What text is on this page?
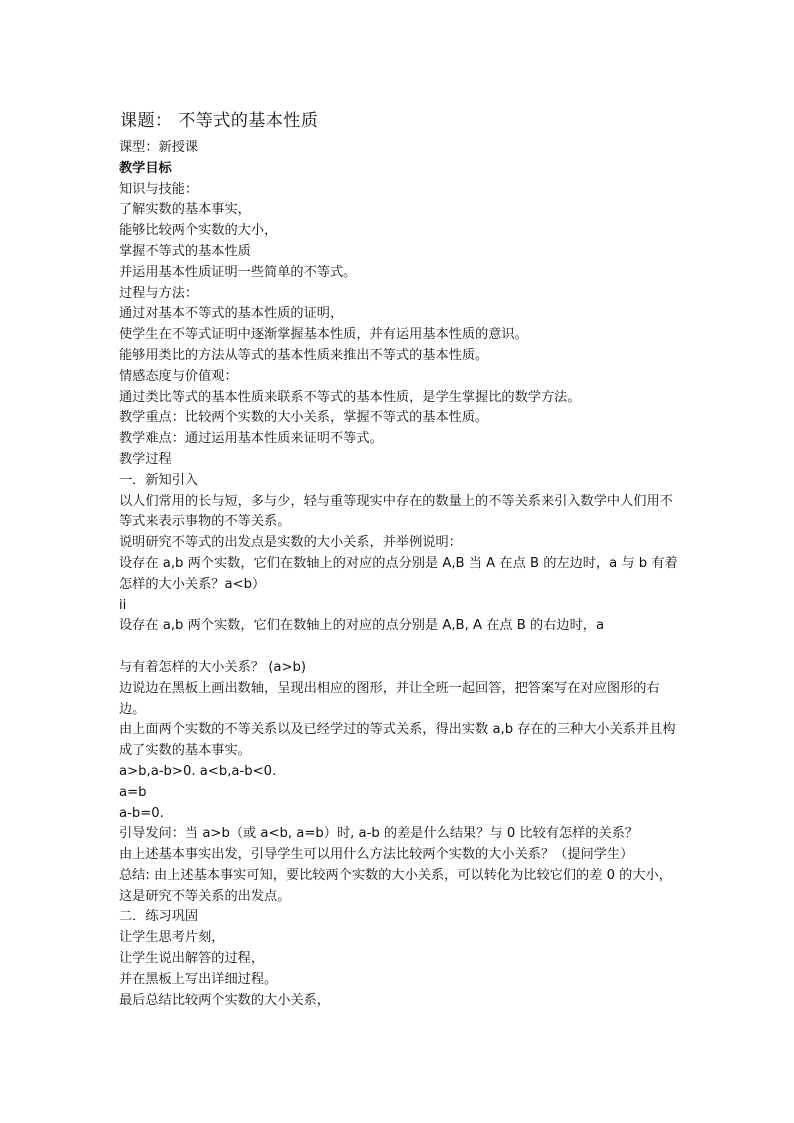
课题： 不等式的基本性质
课型：新授课
教学目标
知识与技能：
了解实数的基本事实，
能够比较两个实数的大小，
掌握不等式的基本性质
并运用基本性质证明一些简单的不等式。
过程与方法：
通过对基本不等式的基本性质的证明，
使学生在不等式证明中逐渐掌握基本性质，并有运用基本性质的意识。
能够用类比的方法从等式的基本性质来推出不等式的基本性质。
情感态度与价值观：
通过类比等式的基本性质来联系不等式的基本性质，是学生掌握比的数学方法。
教学重点：比较两个实数的大小关系，掌握不等式的基本性质。
教学难点：通过运用基本性质来证明不等式。
教学过程
一．新知引入
以人们常用的长与短，多与少，轻与重等现实中存在的数量上的不等关系来引入数学中人们用不等式来表示事物的不等关系。
说明研究不等式的出发点是实数的大小关系，并举例说明：
设存在 a,b 两个实数，它们在数轴上的对应的点分别是 A,B 当 A 在点 B 的左边时，a 与 b 有着怎样的大小关系？a<b）
ii
设存在 a,b 两个实数，它们在数轴上的对应的点分别是 A,B, A 在点 B 的右边时，a
与有着怎样的大小关系？ (a>b)
边说边在黑板上画出数轴，呈现出相应的图形，并让全班一起回答，把答案写在对应图形的右边。
由上面两个实数的不等关系以及已经学过的等式关系，得出实数 a,b 存在的三种大小关系并且构成了实数的基本事实。
a>b,a-b>0. a<b,a-b<0.
a=b
a-b=0.
引导发问：当 a>b（或 a<b, a=b）时, a-b 的差是什么结果？与 0 比较有怎样的关系？
由上述基本事实出发，引导学生可以用什么方法比较两个实数的大小关系？（提问学生）
总结: 由上述基本事实可知，要比较两个实数的大小关系，可以转化为比较它们的差 0 的大小，这是研究不等关系的出发点。
二．练习巩固
让学生思考片刻，
让学生说出解答的过程，
并在黑板上写出详细过程。
最后总结比较两个实数的大小关系，
